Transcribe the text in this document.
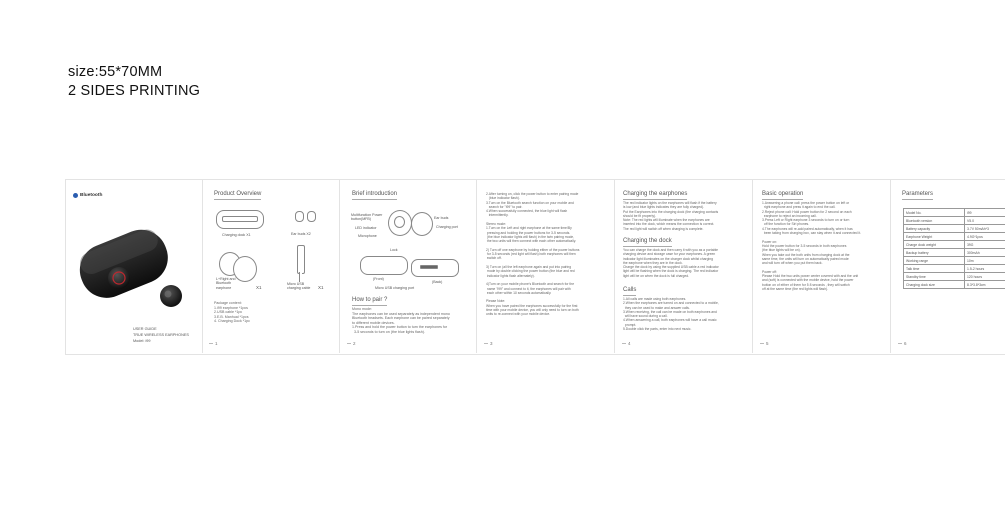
size:55*70MM
2 SIDES PRINTING
Bluetooth
USER GUIDE
TRUE WIRELESS EARPHONES
Model: i99
Product Overview
Charging dock X1	Ear buds X2
L+Right and
Bluetooth
earphone	X1
Micro USB
charging cable X1
Package content:
1.i99 earphone *1pcs
2.USB cable *1pc
3.E.B. Manhual *1pcs
4. Charging Dock *1pc
1
Brief introduction
Multifunction Power
button(MFB)
LED indicator
Microphone
Ear buds
Charging port
Lock
(Front)
(Back)
Micro USB charging port
How to pair ?
Mono mode:
The earphones can be used separately as independent mono
Bluetooth headsets. Each earphone can be paired separately
to different mobile devices.
1.Press and hold the power button to turn the earphones for
3-5 seconds to turn on (the blue lights flash).
2
2.After turning on, click the power button to enter pairing mode
(blue indicator flash).
3.Turn on the Bluetooth search function on your mobile and
search for "i99" to pair.
4.When successfully connected, the blue light will flash
intermittently.

Stereo mode:
1.Turn on the Left and right earphone at the same time/By
pressing and holding the power buttons for 3-5 seconds.
(the blue indicator lights will flash) in the twin pairing mode,
the two units will then connect with each other automatically.

2) Turn off one earphone by holding either of the power buttons
for 3-5 seconds (red light will flash) both earphones will then
switch off.

3) Turn on (all the left earphone again and put into pairing
mode by double clicking the power button (the blue and red
indicator lights flash alternately).

4)Turn on your mobile phone's Bluetooth and search for the
name "i99" and connect to it, the earphones will pair with
each other within 10 seconds automatically.

Please Note:
When you have paired the earphones successfully for the first
time with your mobile device, you will only need to turn on both
units to re-connect with your mobile device.
3
Charging the earphones
The red indicator lights on the earphones will flash if the battery
is low (and blue lights indicates they are fully charged).
Put the Earphones into the charging dock (the charging contacts
should be fit properly).
Note: The red lights will illuminate when the earphones are
inserted into the dock, which means the connection is correct.
The red light will switch off when charging is complete.
Charging the dock
You can charge the dock and then carry it with you as a portable
charging device and storage case for your earphones. A green
indicator light illuminates on the charger dock whilst charging
the earphone when they are in the dock.
Charge the dock by using the supplied USB cable a red indicator
light will be flashing when the dock is charging. The red indicator
light will be on when the dock is full charged.
Calls
1.All calls are made using both earphones.
2.When the earphones are turned on and connected to a mobile,
they can be used to make and answer calls.
3.When receiving, the call can be made on both earphones and
will have sound during a call.
4.When answering a call, both earphones will have a call music
prompt.
5.Double click the parts, enter into next music.
4
Basic operation
1.Answering a phone call: press the power button on left or
right earphone and press it again to end the call.
2.Reject phone call: Hold power button for 2 second on each
earphone to reject an incoming call.
3.Press Left or Right earphone 3 seconds to turn on or turn
off the function for Siri phones.
4.The earphones will re-add paired automatically, when it has
been taking from charging box, can stay when it and connected it.

Power on:
Hold the power button for 3-5 seconds in both earphones
(the blue lights will be on).
When you take out the both units from charging dock at the
same time, the units will turn on automatically paired mode
and will turn off when you put them back.

Power off:
Please Hold the two units power center covered with and the unit
and (soft) is connected with the mobile device, hold the power
button on of either of them for 5 8 seconds , they will switch
off at the same time (the red lights will flash).
5
Parameters
Model No.	i99
Bluetooth version	V5.0
Battery capacity	3.7V 50mAh*3
Earphone Weight	4.9G*1pcs
Charge dock weight	39G
Backup battery	300mAh
Working range	10m
Talk time	1.5-2 hours
Standby time	120 hours
Charging dock size	8.3*3.8*3cm
6
